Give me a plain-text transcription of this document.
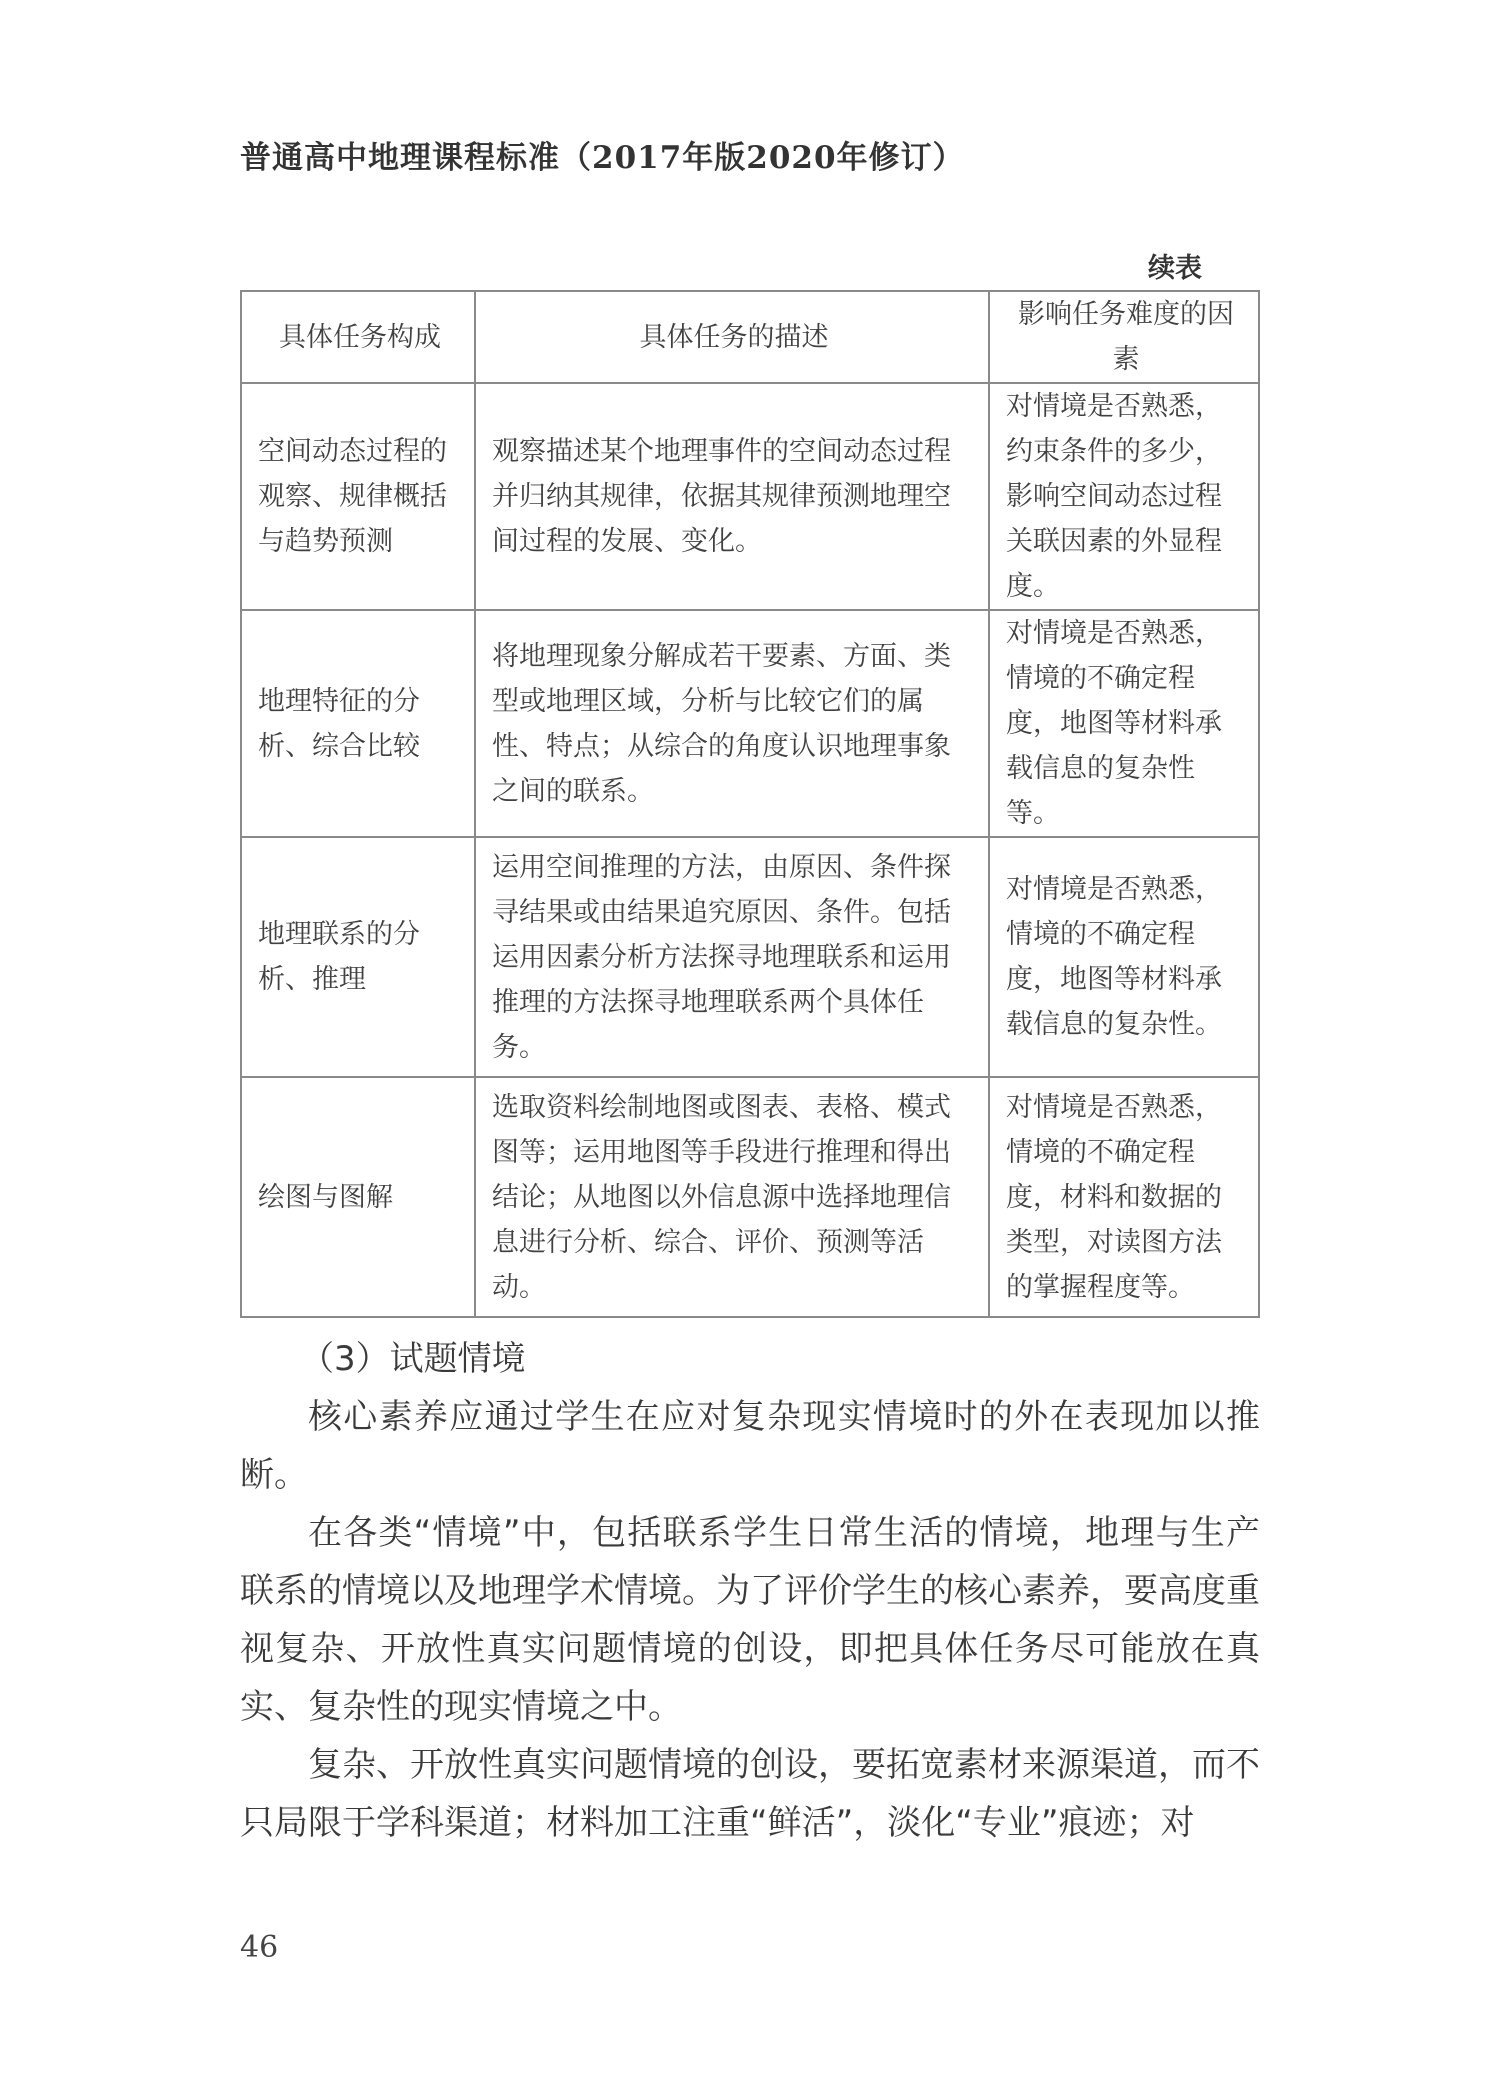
普通高中地理课程标准（2017年版2020年修订）
续表
具体任务构成	具体任务的描述	影响任务难度的因素
空间动态过程的观察、规律概括与趋势预测	观察描述某个地理事件的空间动态过程并归纳其规律，依据其规律预测地理空间过程的发展、变化。	对情境是否熟悉，约束条件的多少，影响空间动态过程关联因素的外显程度。
地理特征的分析、综合比较	将地理现象分解成若干要素、方面、类型或地理区域，分析与比较它们的属性、特点；从综合的角度认识地理事象之间的联系。	对情境是否熟悉，情境的不确定程度，地图等材料承载信息的复杂性等。
地理联系的分析、推理	运用空间推理的方法，由原因、条件探寻结果或由结果追究原因、条件。包括运用因素分析方法探寻地理联系和运用推理的方法探寻地理联系两个具体任务。	对情境是否熟悉，情境的不确定程度，地图等材料承载信息的复杂性。
绘图与图解	选取资料绘制地图或图表、表格、模式图等；运用地图等手段进行推理和得出结论；从地图以外信息源中选择地理信息进行分析、综合、评价、预测等活动。	对情境是否熟悉，情境的不确定程度，材料和数据的类型，对读图方法的掌握程度等。

（3）试题情境

核心素养应通过学生在应对复杂现实情境时的外在表现加以推断。

在各类“情境”中，包括联系学生日常生活的情境，地理与生产联系的情境以及地理学术情境。为了评价学生的核心素养，要高度重视复杂、开放性真实问题情境的创设，即把具体任务尽可能放在真实、复杂性的现实情境之中。

复杂、开放性真实问题情境的创设，要拓宽素材来源渠道，而不只局限于学科渠道；材料加工注重“鲜活”，淡化“专业”痕迹；对

46
